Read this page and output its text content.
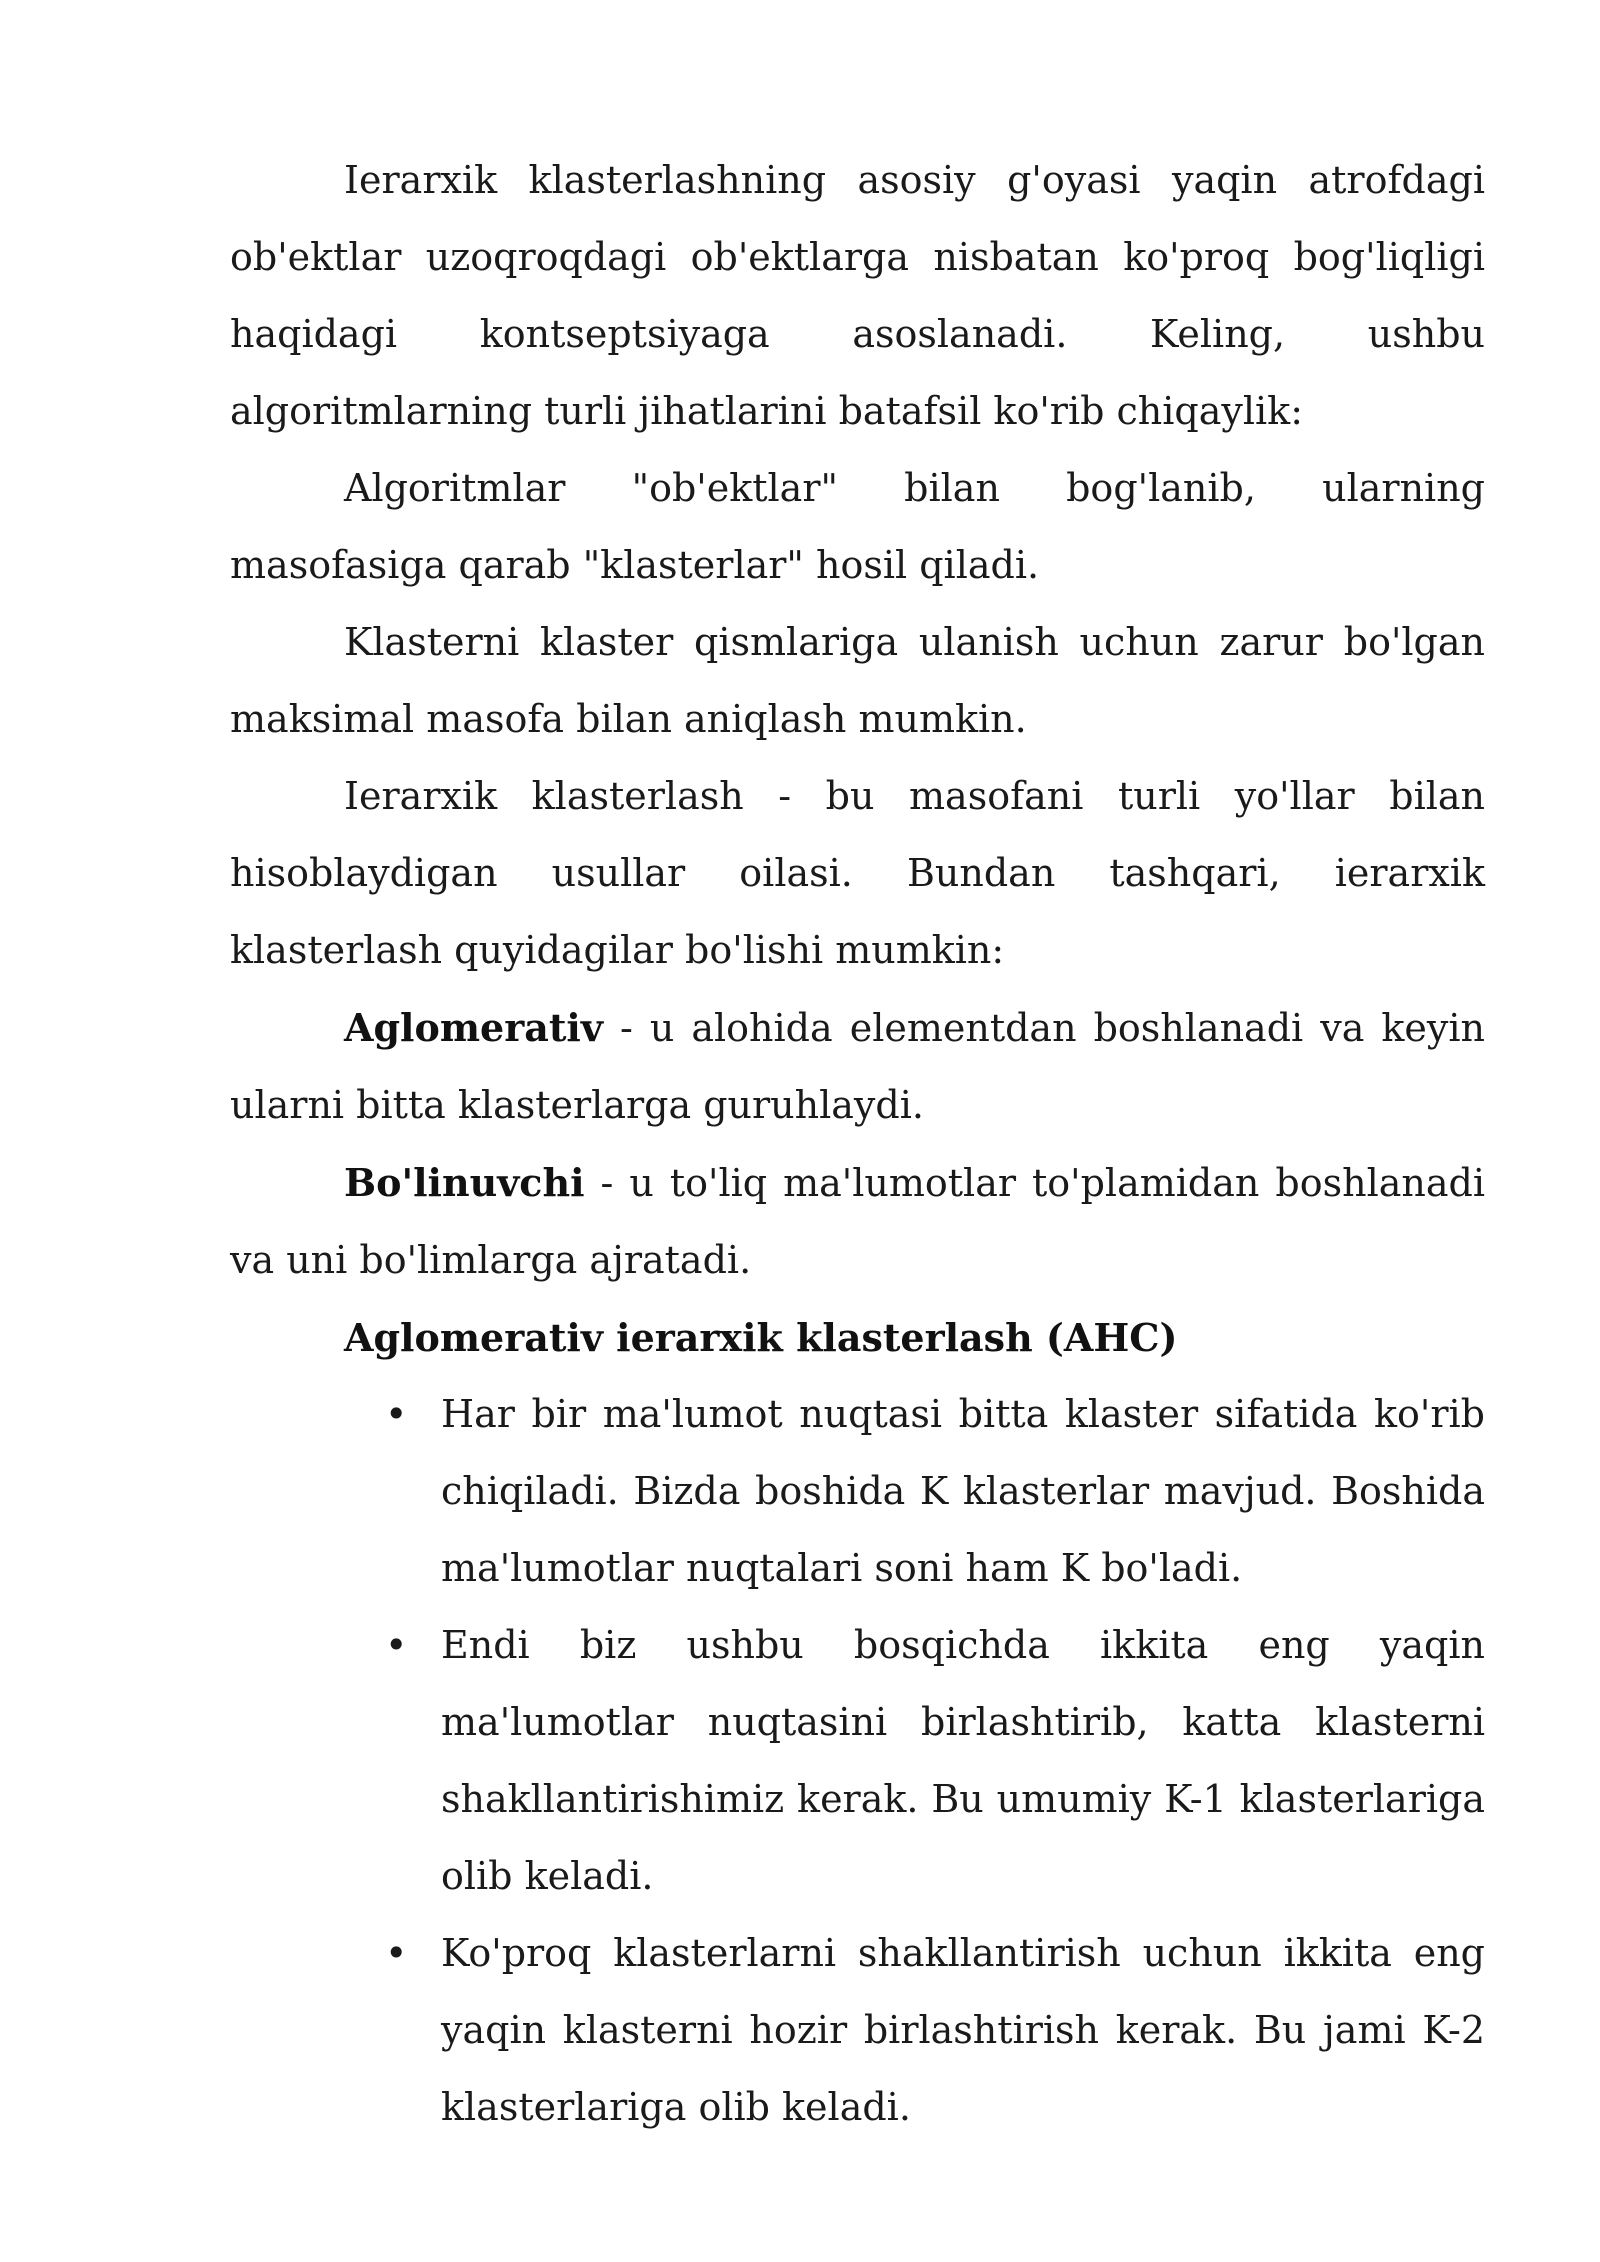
Ierarxik klasterlashning asosiy g'oyasi yaqin atrofdagi ob'ektlar uzoqroqdagi ob'ektlarga nisbatan ko'proq bog'liqligi haqidagi kontseptsiyaga asoslanadi. Keling, ushbu algoritmlarning turli jihatlarini batafsil ko'rib chiqaylik:

Algoritmlar "ob'ektlar" bilan bog'lanib, ularning masofasiga qarab "klasterlar" hosil qiladi.

Klasterni klaster qismlariga ulanish uchun zarur bo'lgan maksimal masofa bilan aniqlash mumkin.

Ierarxik klasterlash - bu masofani turli yo'llar bilan hisoblaydigan usullar oilasi. Bundan tashqari, ierarxik klasterlash quyidagilar bo'lishi mumkin:

Aglomerativ - u alohida elementdan boshlanadi va keyin ularni bitta klasterlarga guruhlaydi.

Bo'linuvchi - u to'liq ma'lumotlar to'plamidan boshlanadi va uni bo'limlarga ajratadi.

Aglomerativ ierarxik klasterlash (AHC)

• Har bir ma'lumot nuqtasi bitta klaster sifatida ko'rib chiqiladi. Bizda boshida K klasterlar mavjud. Boshida ma'lumotlar nuqtalari soni ham K bo'ladi.
• Endi biz ushbu bosqichda ikkita eng yaqin ma'lumotlar nuqtasini birlashtirib, katta klasterni shakllantirishimiz kerak. Bu umumiy K-1 klasterlariga olib keladi.
• Ko'proq klasterlarni shakllantirish uchun ikkita eng yaqin klasterni hozir birlashtirish kerak. Bu jami K-2 klasterlariga olib keladi.
